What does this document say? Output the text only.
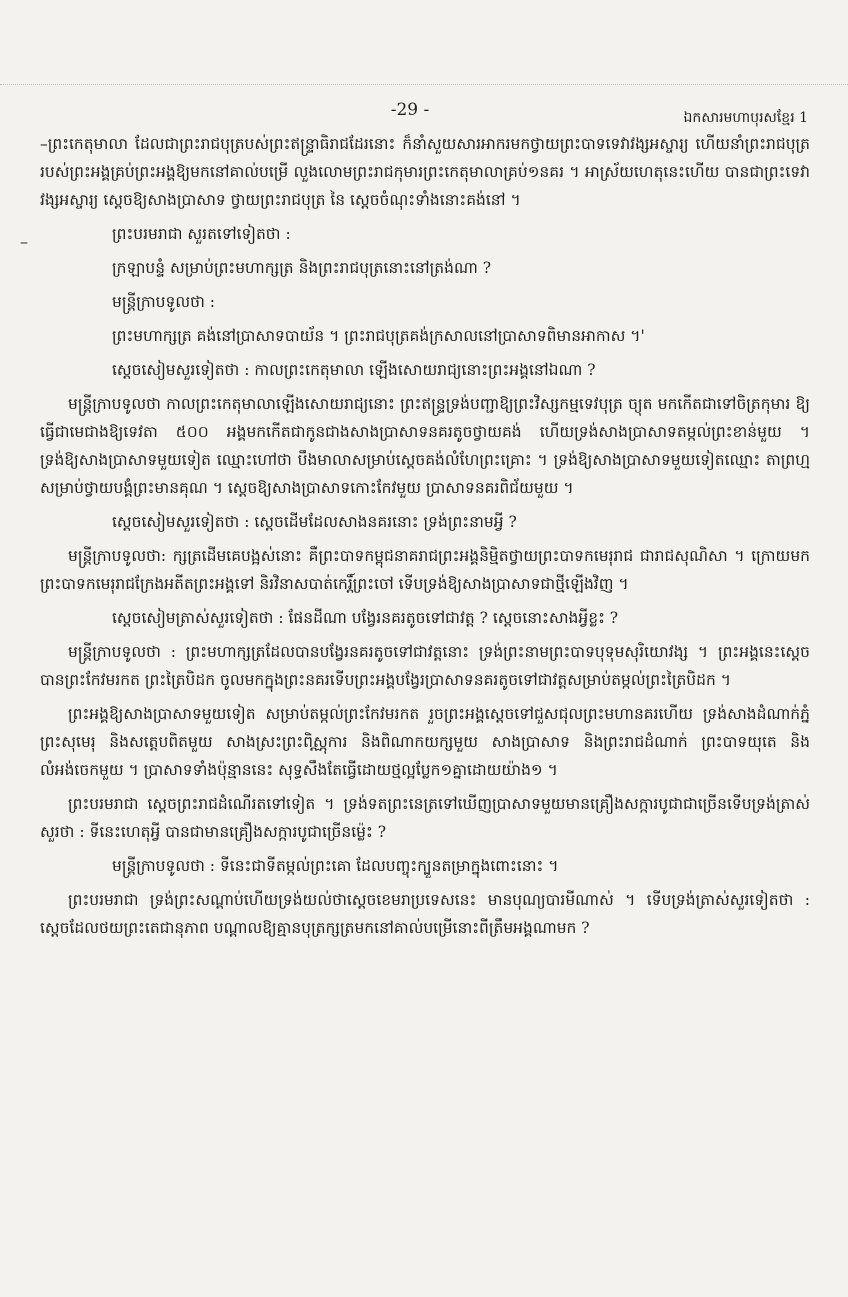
-29 -	ឯកសារមហាបុរសខ្មែរ 1
–

–ព្រះកេតុមាលា ដែលជាព្រះរាជបុត្របស់ព្រះឥន្ទ្រាធិរាជដែរនោះ ក៏នាំសួយសារអាករមកថ្វាយព្រះបាទទេវាវង្សអស្ចារ្យ ហើយនាំព្រះរាជបុត្រ របស់ព្រះអង្គគ្រប់ព្រះអង្គឱ្យមកនៅគាល់បម្រើ លួងលោមព្រះរាជកុមារព្រះកេតុមាលាគ្រប់១នគរ ។ អាស្រ័យហេតុនេះហើយ បានជាព្រះទេវាវង្សអស្ចារ្យ ស្ដេចឱ្យសាងប្រាសាទ ថ្វាយព្រះរាជបុត្រ នៃ ស្ដេចចំណុះទាំងនោះគង់នៅ ។

ព្រះបរមរាជា សួរតទៅទៀតថា :

ក្រឡាបន្ទំ សម្រាប់ព្រះមហាក្សត្រ និងព្រះរាជបុត្រនោះនៅត្រង់ណា ?

មន្ត្រីក្រាបទូលថា :

ព្រះមហាក្សត្រ គង់នៅប្រាសាទបាយ័ន ។ ព្រះរាជបុត្រគង់ក្រសាលនៅប្រាសាទពិមានអាកាស ។'

ស្ដេចសៀមសួរទៀតថា : កាលព្រះកេតុមាលា ឡើងសោយរាជ្យនោះព្រះអង្គនៅឯណា ?

មន្ត្រីក្រាបទូលថា កាលព្រះកេតុមាលាឡើងសោយរាជ្យនោះ ព្រះឥន្ទ្រទ្រង់បញ្ជាឱ្យព្រះវិស្សកម្មទេវបុត្រ ច្យុត មកកើតជាទៅចិត្រកុមារ ឱ្យធ្វើជាមេជាងឱ្យទេវតា ៥០០ អង្គមកកើតជាកូនជាងសាងប្រាសាទនគរតូចថ្វាយគង់ ហើយទ្រង់សាងប្រាសាទតម្កល់ព្រះខាន់មួយ ។ ទ្រង់ឱ្យសាងប្រាសាទមួយទៀត ឈ្មោះហៅថា បឹងមាលាសម្រាប់ស្ដេចគង់លំហែព្រះគ្រោះ ។ ទ្រង់ឱ្យសាងប្រាសាទមួយទៀតឈ្មោះ តាព្រហ្មសម្រាប់ថ្វាយបង្គំព្រះមានគុណ ។ ស្ដេចឱ្យសាងប្រាសាទកោះកែវមួយ ប្រាសាទនគរពិជ័យមួយ ។

ស្ដេចសៀមសួរទៀតថា : ស្ដេចដើមដែលសាងនគរនោះ ទ្រង់ព្រះនាមអ្វី ?

មន្ត្រីក្រាបទូលថា: ក្សត្រដើមគេបង្អស់នោះ គឺព្រះបាទកម្ពុជនាគរាជព្រះអង្គនិម្មិតថ្វាយព្រះបាទកមេរុរាជ ជារាជសុណិសា ។ ក្រោយមកព្រះបាទកមេរុរាជក្រែងអតីតព្រះអង្គទៅ និរវិនាសបាត់កេរ្តិ៍ព្រះចៅ ទើបទ្រង់ឱ្យសាងប្រាសាទជាថ្មីឡើងវិញ ។

ស្ដេចសៀមត្រាស់សួរទៀតថា : ផែនដីណា បង្វែរនគរតូចទៅជាវត្ត ? ស្ដេចនោះសាងអ្វីខ្លះ ?

មន្ត្រីក្រាបទូលថា : ព្រះមហាក្សត្រដែលបានបង្វែរនគរតូចទៅជាវត្តនោះ ទ្រង់ព្រះនាមព្រះបាទបុទុមសុរិយោវង្ស ។ ព្រះអង្គនេះស្ដេចបានព្រះកែវមរកត ព្រះត្រៃបិដក ចូលមកក្នុងព្រះនគរទើបព្រះអង្គបង្វែរប្រាសាទនគរតូចទៅជាវត្តសម្រាប់តម្កល់ព្រះត្រៃបិដក ។

ព្រះអង្គឱ្យសាងប្រាសាទមួយទៀត សម្រាប់តម្កល់ព្រះកែវមរកត រួចព្រះអង្គស្ដេចទៅជួសជុលព្រះមហានគរហើយ ទ្រង់សាងដំណាក់ភ្នំព្រះសុមេរុ និងសត្តេបពិតមួយ សាងស្រះព្រះពិស្ណុការ និងពិណាកយក្សមួយ សាងប្រាសាទ និងព្រះរាជដំណាក់ ព្រះបាទយុតេ និង លំអង់ចេកមួយ ។ ប្រាសាទទាំងប៉ុន្មាននេះ សុទ្ធសឹងតែធ្វើដោយថ្មល្អប្លែក១គ្នាដោយយ៉ាង១ ។

ព្រះបរមរាជា ស្ដេចព្រះរាជដំណើរតទៅទៀត ។ ទ្រង់ទតព្រះនេត្រទៅឃើញប្រាសាទមួយមានគ្រឿងសក្ការបូជាជាច្រើនទើបទ្រង់ត្រាស់សួរថា : ទីនេះហេតុអ្វី បានជាមានគ្រឿងសក្ការបូជាច្រើនម៉្លេះ ?

មន្ត្រីក្រាបទូលថា : ទីនេះជាទីតម្កល់ព្រះគោ ដែលបញ្ចុះក្បួនតម្រាក្នុងពោះនោះ ។

ព្រះបរមរាជា ទ្រង់ព្រះសណ្ដាប់ហើយទ្រង់យល់ថាស្ដេចខេមរាប្រទេសនេះ មានបុណ្យបារមីណាស់ ។ ទើបទ្រង់ត្រាស់សួរទៀតថា : ស្ដេចដែលថយព្រះតេជានុភាព បណ្ដាលឱ្យគ្មានបុត្រក្សត្រមកនៅគាល់បម្រើនោះពីត្រឹមអង្គណាមក ?
